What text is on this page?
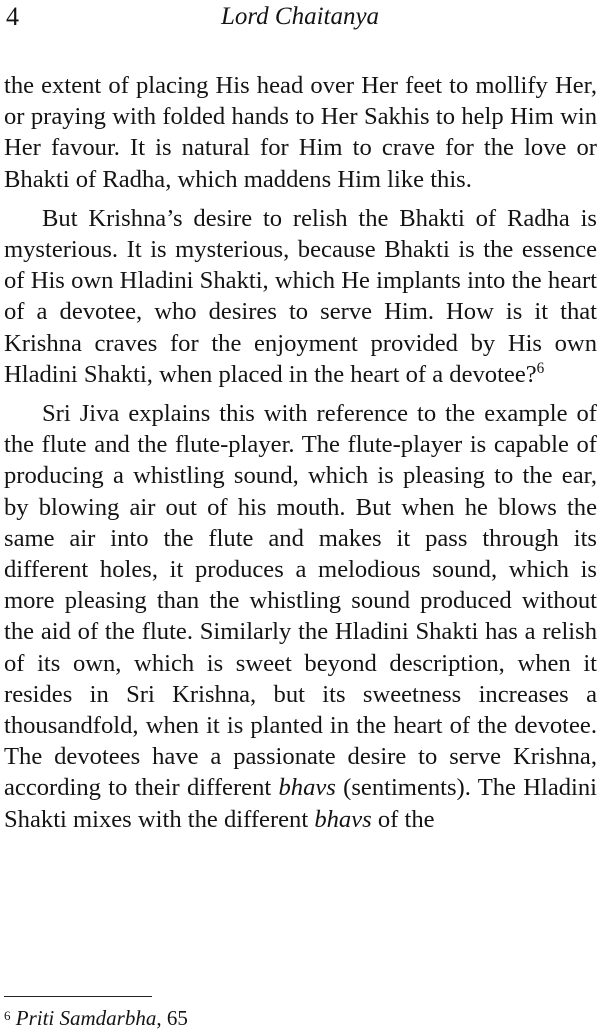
4	Lord Chaitanya

the extent of placing His head over Her feet to mollify Her, or praying with folded hands to Her Sakhis to help Him win Her favour. It is natural for Him to crave for the love or Bhakti of Radha, which maddens Him like this.

But Krishna’s desire to relish the Bhakti of Radha is mysterious. It is mysterious, because Bhakti is the essence of His own Hladini Shakti, which He implants into the heart of a devotee, who desires to serve Him. How is it that Krishna craves for the enjoyment provided by His own Hladini Shakti, when placed in the heart of a devotee?$^6$

Sri Jiva explains this with reference to the example of the flute and the flute-player. The flute-player is capable of producing a whistling sound, which is pleasing to the ear, by blowing air out of his mouth. But when he blows the same air into the flute and makes it pass through its different holes, it produces a melodious sound, which is more pleasing than the whistling sound produced without the aid of the flute. Similarly the Hladini Shakti has a relish of its own, which is sweet beyond description, when it resides in Sri Krishna, but its sweetness increases a thousandfold, when it is planted in the heart of the devotee. The devotees have a passionate desire to serve Krishna, according to their different bhavs (sentiments). The Hladini Shakti mixes with the different bhavs of the

$^6$ Priti Samdarbha, 65
